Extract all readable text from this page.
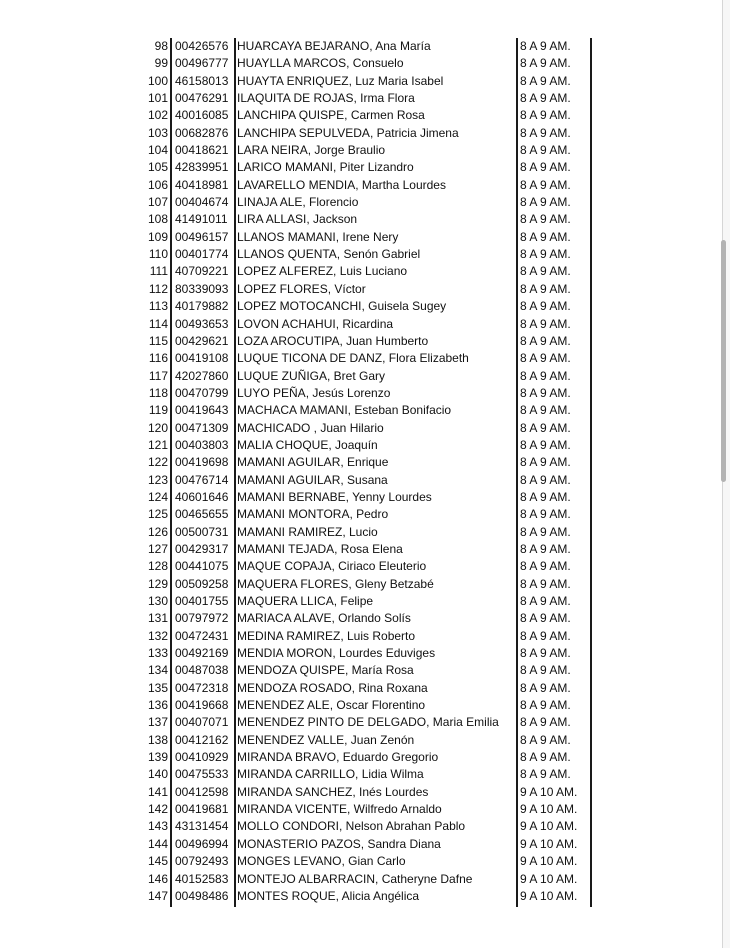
98 00426576 HUARCAYA BEJARANO, Ana María	8 A 9 AM.
99 00496777 HUAYLLA MARCOS, Consuelo	8 A 9 AM.
100 46158013 HUAYTA ENRIQUEZ, Luz Maria Isabel	8 A 9 AM.
101 00476291 ILAQUITA DE ROJAS, Irma Flora	8 A 9 AM.
102 40016085 LANCHIPA QUISPE, Carmen Rosa	8 A 9 AM.
103 00682876 LANCHIPA SEPULVEDA, Patricia Jimena	8 A 9 AM.
104 00418621 LARA NEIRA, Jorge Braulio	8 A 9 AM.
105 42839951 LARICO MAMANI, Piter Lizandro	8 A 9 AM.
106 40418981 LAVARELLO MENDIA, Martha Lourdes	8 A 9 AM.
107 00404674 LINAJA ALE, Florencio	8 A 9 AM.
108 41491011 LIRA ALLASI, Jackson	8 A 9 AM.
109 00496157 LLANOS MAMANI, Irene Nery	8 A 9 AM.
110 00401774 LLANOS QUENTA, Senón Gabriel	8 A 9 AM.
111 40709221 LOPEZ ALFEREZ, Luis Luciano	8 A 9 AM.
112 80339093 LOPEZ FLORES, Víctor	8 A 9 AM.
113 40179882 LOPEZ MOTOCANCHI, Guisela Sugey	8 A 9 AM.
114 00493653 LOVON ACHAHUI, Ricardina	8 A 9 AM.
115 00429621 LOZA AROCUTIPA, Juan Humberto	8 A 9 AM.
116 00419108 LUQUE TICONA DE DANZ, Flora Elizabeth	8 A 9 AM.
117 42027860 LUQUE ZUÑIGA, Bret Gary	8 A 9 AM.
118 00470799 LUYO PEÑA, Jesús Lorenzo	8 A 9 AM.
119 00419643 MACHACA MAMANI, Esteban Bonifacio	8 A 9 AM.
120 00471309 MACHICADO , Juan Hilario	8 A 9 AM.
121 00403803 MALIA CHOQUE, Joaquín	8 A 9 AM.
122 00419698 MAMANI AGUILAR, Enrique	8 A 9 AM.
123 00476714 MAMANI AGUILAR, Susana	8 A 9 AM.
124 40601646 MAMANI BERNABE, Yenny Lourdes	8 A 9 AM.
125 00465655 MAMANI MONTORA, Pedro	8 A 9 AM.
126 00500731 MAMANI RAMIREZ, Lucio	8 A 9 AM.
127 00429317 MAMANI TEJADA, Rosa Elena	8 A 9 AM.
128 00441075 MAQUE COPAJA, Ciriaco Eleuterio	8 A 9 AM.
129 00509258 MAQUERA FLORES, Gleny Betzabé	8 A 9 AM.
130 00401755 MAQUERA LLICA, Felipe	8 A 9 AM.
131 00797972 MARIACA ALAVE, Orlando Solís	8 A 9 AM.
132 00472431 MEDINA RAMIREZ, Luis Roberto	8 A 9 AM.
133 00492169 MENDIA MORON, Lourdes Eduviges	8 A 9 AM.
134 00487038 MENDOZA QUISPE, María Rosa	8 A 9 AM.
135 00472318 MENDOZA ROSADO, Rina Roxana	8 A 9 AM.
136 00419668 MENENDEZ ALE, Oscar Florentino	8 A 9 AM.
137 00407071 MENENDEZ PINTO DE DELGADO, Maria Emilia	8 A 9 AM.
138 00412162 MENENDEZ VALLE, Juan Zenón	8 A 9 AM.
139 00410929 MIRANDA BRAVO, Eduardo Gregorio	8 A 9 AM.
140 00475533 MIRANDA CARRILLO, Lidia Wilma	8 A 9 AM.
141 00412598 MIRANDA SANCHEZ, Inés Lourdes	9 A 10 AM.
142 00419681 MIRANDA VICENTE, Wilfredo Arnaldo	9 A 10 AM.
143 43131454 MOLLO CONDORI, Nelson Abrahan Pablo	9 A 10 AM.
144 00496994 MONASTERIO PAZOS, Sandra Diana	9 A 10 AM.
145 00792493 MONGES LEVANO, Gian Carlo	9 A 10 AM.
146 40152583 MONTEJO ALBARRACIN, Catheryne Dafne	9 A 10 AM.
147 00498486 MONTES ROQUE, Alicia Angélica	9 A 10 AM.
